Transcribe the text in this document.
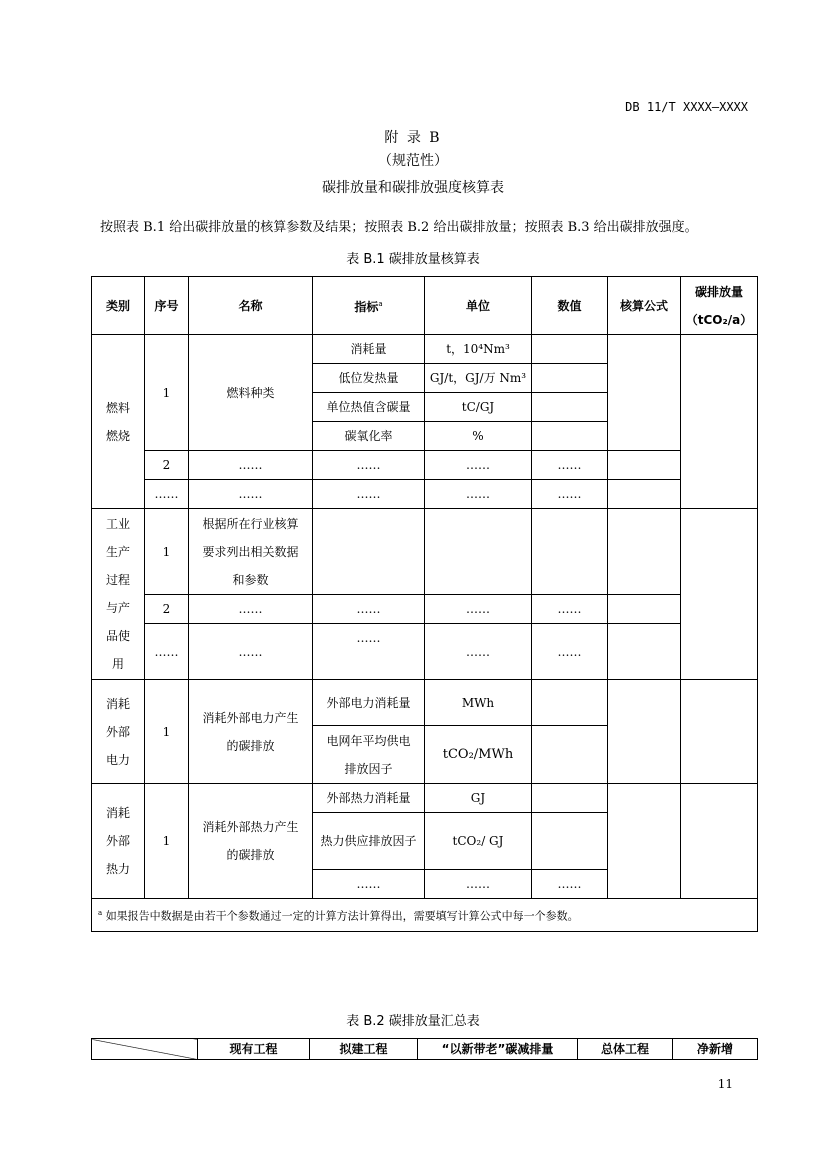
DB 11/T XXXX—XXXX
附 录 B
（规范性）
碳排放量和碳排放强度核算表
按照表 B.1 给出碳排放量的核算参数及结果；按照表 B.2 给出碳排放量；按照表 B.3 给出碳排放强度。
表 B.1 碳排放量核算表
类别	序号	名称	指标$^a$	单位	数值	核算公式	碳排放量
（tCO₂/a）

燃料燃烧	1	燃料种类	消耗量	t，10⁴Nm³			
			低位发热量	GJ/t，GJ/万 Nm³			
			单位热值含碳量	tC/GJ			
			碳氧化率	%			
	2	……	……	……	……		
	……	……	……	……	……		

工业生产过程与产品使用	1	根据所在行业核算要求列出相关数据和参数					

	2	……	……	……	……		
	……	……	……	……	……		

消耗外部电力	1	消耗外部电力产生的碳排放	外部电力消耗量	MWh			

			电网年平均供电排放因子	tCO₂/MWh			

消耗外部热力	1	消耗外部热力产生的碳排放	外部热力消耗量	GJ			

			热力供应排放因子	tCO₂/ GJ			
			……	……	……		
$^a$ 如果报告中数据是由若干个参数通过一定的计算方法计算得出，需要填写计算公式中每一个参数。							
表 B.2 碳排放量汇总表
	现有工程	拟建工程	“以新带老”碳减排量	总体工程	净新增
11
